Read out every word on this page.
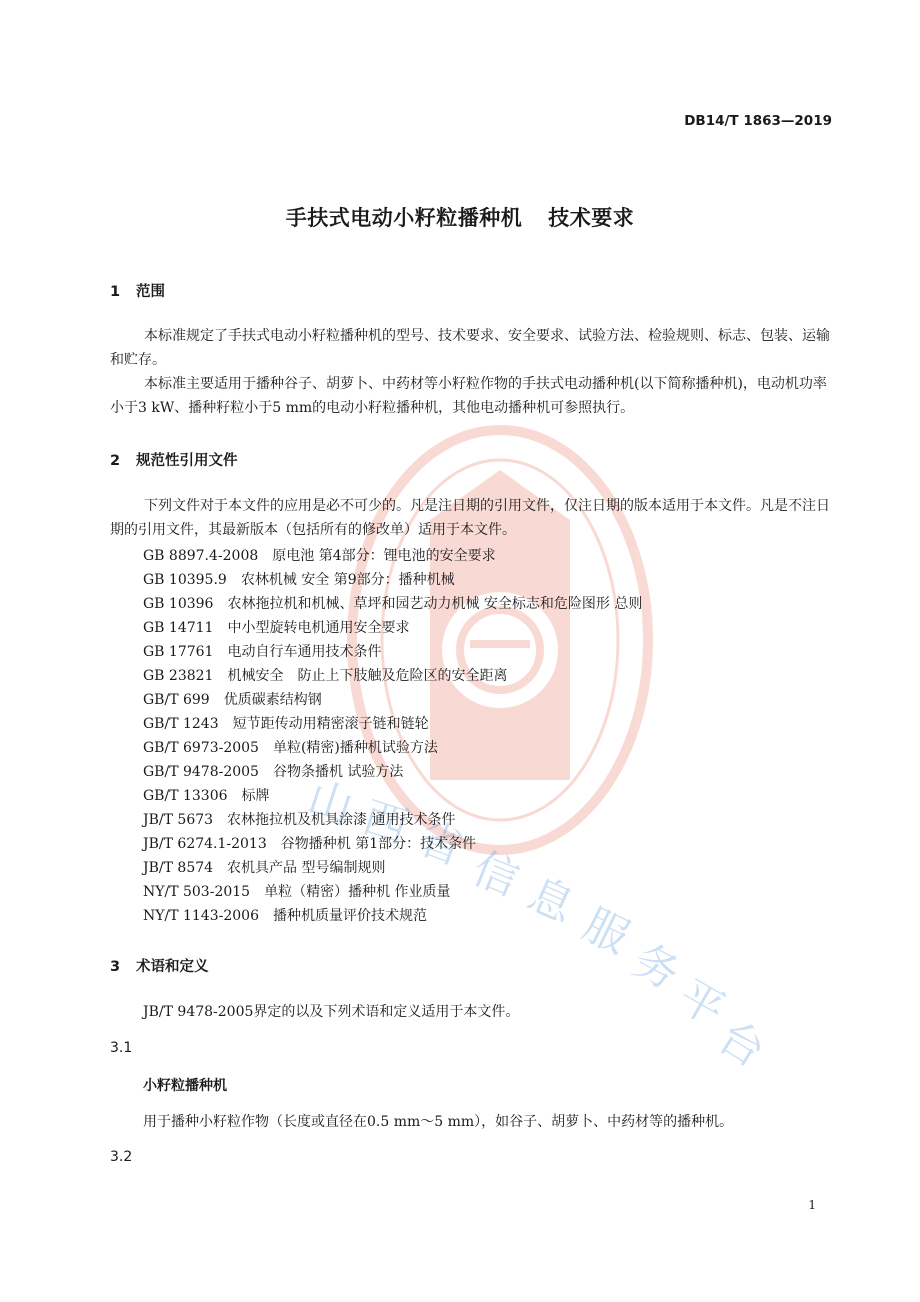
山
西
省
信
息
服
务
平
台
DB14/T 1863—2019
手扶式电动小籽粒播种机 技术要求
1 范围
本标准规定了手扶式电动小籽粒播种机的型号、技术要求、安全要求、试验方法、检验规则、标志、包装、运输和贮存。
本标准主要适用于播种谷子、胡萝卜、中药材等小籽粒作物的手扶式电动播种机(以下简称播种机)，电动机功率小于3 kW、播种籽粒小于5 mm的电动小籽粒播种机，其他电动播种机可参照执行。
2 规范性引用文件
下列文件对于本文件的应用是必不可少的。凡是注日期的引用文件，仅注日期的版本适用于本文件。凡是不注日期的引用文件，其最新版本（包括所有的修改单）适用于本文件。
GB 8897.4-2008　原电池 第4部分：锂电池的安全要求
GB 10395.9　农林机械 安全 第9部分：播种机械
GB 10396　农林拖拉机和机械、草坪和园艺动力机械 安全标志和危险图形 总则
GB 14711　中小型旋转电机通用安全要求
GB 17761　电动自行车通用技术条件
GB 23821　机械安全　防止上下肢触及危险区的安全距离
GB/T 699　优质碳素结构钢
GB/T 1243　短节距传动用精密滚子链和链轮
GB/T 6973-2005　单粒(精密)播种机试验方法
GB/T 9478-2005　谷物条播机 试验方法
GB/T 13306　标牌
JB/T 5673　农林拖拉机及机具涂漆 通用技术条件
JB/T 6274.1-2013　谷物播种机 第1部分：技术条件
JB/T 8574　农机具产品 型号编制规则
NY/T 503-2015　单粒（精密）播种机 作业质量
NY/T 1143-2006　播种机质量评价技术规范
3 术语和定义
JB/T 9478-2005界定的以及下列术语和定义适用于本文件。
3.1
小籽粒播种机
用于播种小籽粒作物（长度或直径在0.5 mm～5 mm），如谷子、胡萝卜、中药材等的播种机。
3.2
1
